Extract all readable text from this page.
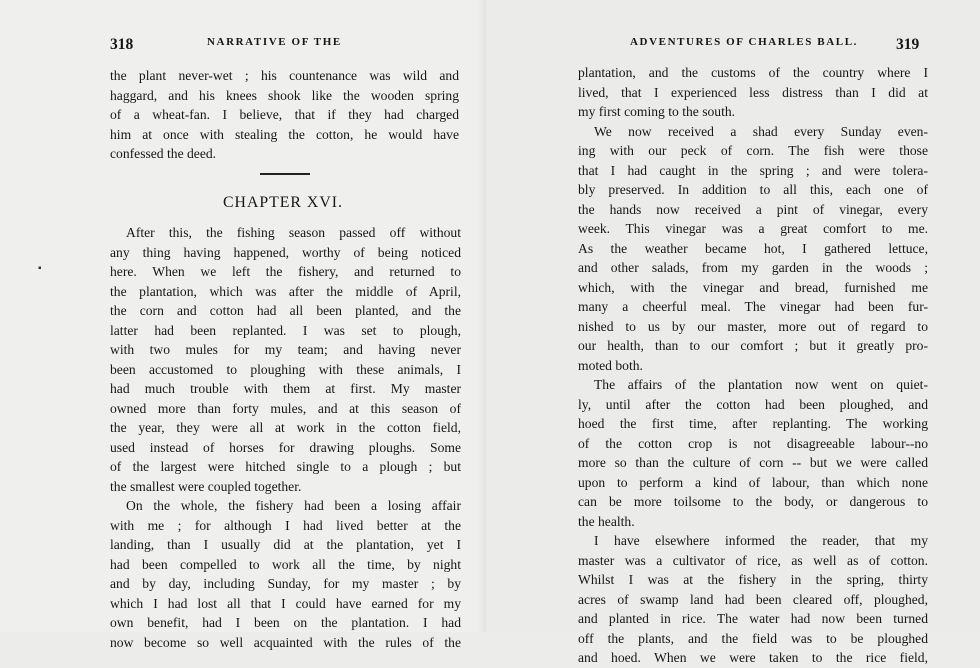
318	NARRATIVE OF THE
the plant never-wet ; his countenance was wild and
haggard, and his knees shook like the wooden spring
of a wheat-fan. I believe, that if they had charged
him at once with stealing the cotton, he would have
confessed the deed.
CHAPTER XVI.
After this, the fishing season passed off without
any thing having happened, worthy of being noticed
here. When we left the fishery, and returned to
the plantation, which was after the middle of April,
the corn and cotton had all been planted, and the
latter had been replanted. I was set to plough,
with two mules for my team; and having never
been accustomed to ploughing with these animals, I
had much trouble with them at first. My master
owned more than forty mules, and at this season of
the year, they were all at work in the cotton field,
used instead of horses for drawing ploughs. Some
of the largest were hitched single to a plough ; but
the smallest were coupled together.
On the whole, the fishery had been a losing affair
with me ; for although I had lived better at the
landing, than I usually did at the plantation, yet I
had been compelled to work all the time, by night
and by day, including Sunday, for my master ; by
which I had lost all that I could have earned for my
own benefit, had I been on the plantation. I had
now become so well acquainted with the rules of the
▪
ADVENTURES OF CHARLES BALL. 319
plantation, and the customs of the country where I
lived, that I experienced less distress than I did at
my first coming to the south.
We now received a shad every Sunday even-
ing with our peck of corn. The fish were those
that I had caught in the spring ; and were tolera-
bly preserved. In addition to all this, each one of
the hands now received a pint of vinegar, every
week. This vinegar was a great comfort to me.
As the weather became hot, I gathered lettuce,
and other salads, from my garden in the woods ;
which, with the vinegar and bread, furnished me
many a cheerful meal. The vinegar had been fur-
nished to us by our master, more out of regard to
our health, than to our comfort ; but it greatly pro-
moted both.
The affairs of the plantation now went on quiet-
ly, until after the cotton had been ploughed, and
hoed the first time, after replanting. The working
of the cotton crop is not disagreeable labour--no
more so than the culture of corn -- but we were called
upon to perform a kind of labour, than which none
can be more toilsome to the body, or dangerous to
the health.
I have elsewhere informed the reader, that my
master was a cultivator of rice, as well as of cotton.
Whilst I was at the fishery in the spring, thirty
acres of swamp land had been cleared off, ploughed,
and planted in rice. The water had now been turned
off the plants, and the field was to be ploughed
and hoed. When we were taken to the rice field,
